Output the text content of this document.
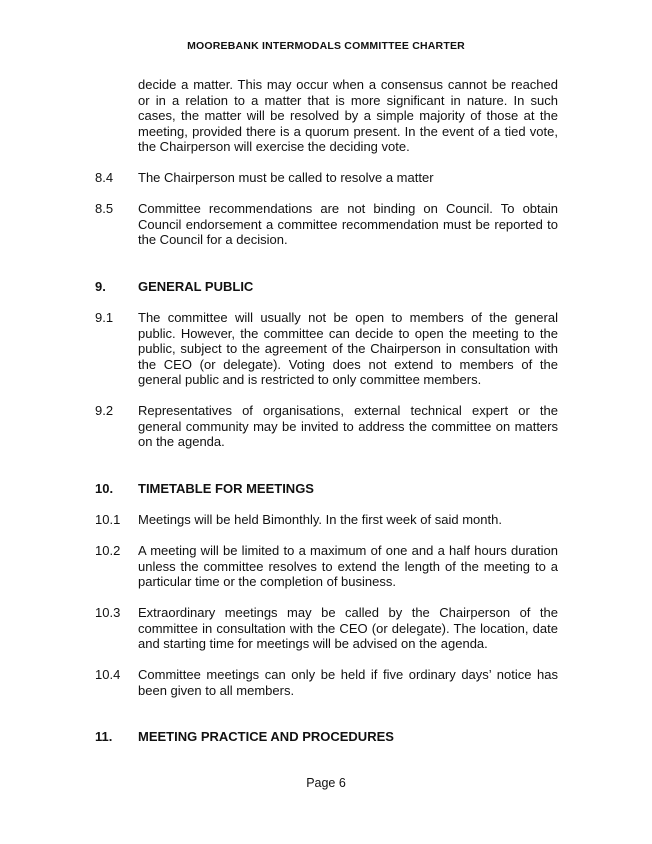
MOOREBANK INTERMODALS COMMITTEE CHARTER
decide a matter. This may occur when a consensus cannot be reached or in a relation to a matter that is more significant in nature. In such cases, the matter will be resolved by a simple majority of those at the meeting, provided there is a quorum present. In the event of a tied vote, the Chairperson will exercise the deciding vote.
8.4 The Chairperson must be called to resolve a matter
8.5 Committee recommendations are not binding on Council. To obtain Council endorsement a committee recommendation must be reported to the Council for a decision.
9. GENERAL PUBLIC
9.1 The committee will usually not be open to members of the general public. However, the committee can decide to open the meeting to the public, subject to the agreement of the Chairperson in consultation with the CEO (or delegate). Voting does not extend to members of the general public and is restricted to only committee members.
9.2 Representatives of organisations, external technical expert or the general community may be invited to address the committee on matters on the agenda.
10. TIMETABLE FOR MEETINGS
10.1 Meetings will be held Bimonthly. In the first week of said month.
10.2 A meeting will be limited to a maximum of one and a half hours duration unless the committee resolves to extend the length of the meeting to a particular time or the completion of business.
10.3 Extraordinary meetings may be called by the Chairperson of the committee in consultation with the CEO (or delegate). The location, date and starting time for meetings will be advised on the agenda.
10.4 Committee meetings can only be held if five ordinary days’ notice has been given to all members.
11. MEETING PRACTICE AND PROCEDURES
Page 6
